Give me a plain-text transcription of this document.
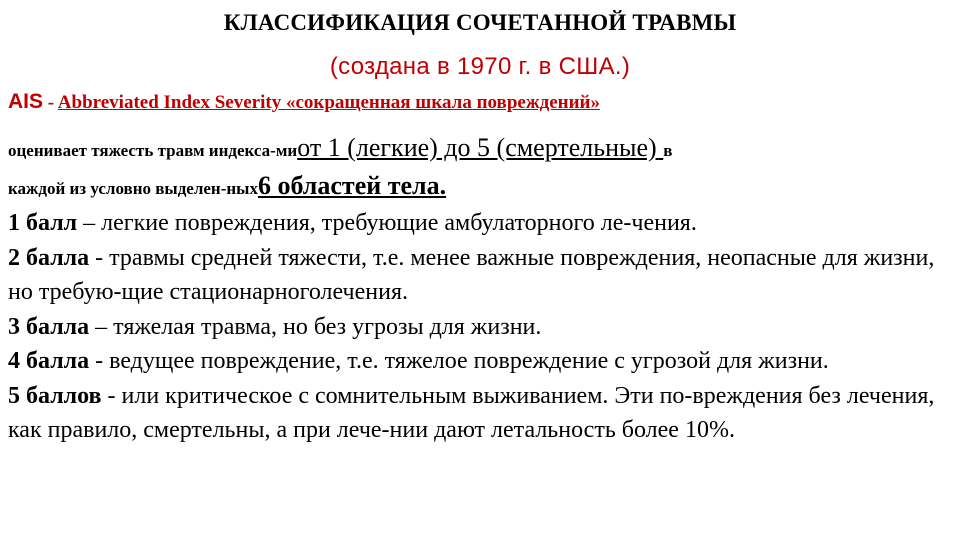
КЛАССИФИКАЦИЯ СОЧЕТАННОЙ ТРАВМЫ
(создана в 1970 г. в США.)
AIS - Abbreviated Index Severity «сокращенная шкала повреждений»
оценивает тяжесть травм индекса-миот 1 (легкие) до 5 (смертельные) в
каждой из условно выделен-ных6 областей тела.

1 балл – легкие повреждения, требующие амбулаторного ле-чения.

2 балла - травмы средней тяжести, т.е. менее важные повреждения, неопасные для жизни, но требую-щие стационарноголечения.

3 балла – тяжелая травма, но без угрозы для жизни.

4 балла - ведущее повреждение, т.е. тяжелое повреждение с угрозой для жизни.

5 баллов - или критическое с сомнительным выживанием. Эти по-вреждения без лечения, как правило, смертельны, а при лече-нии дают летальность более 10%.
